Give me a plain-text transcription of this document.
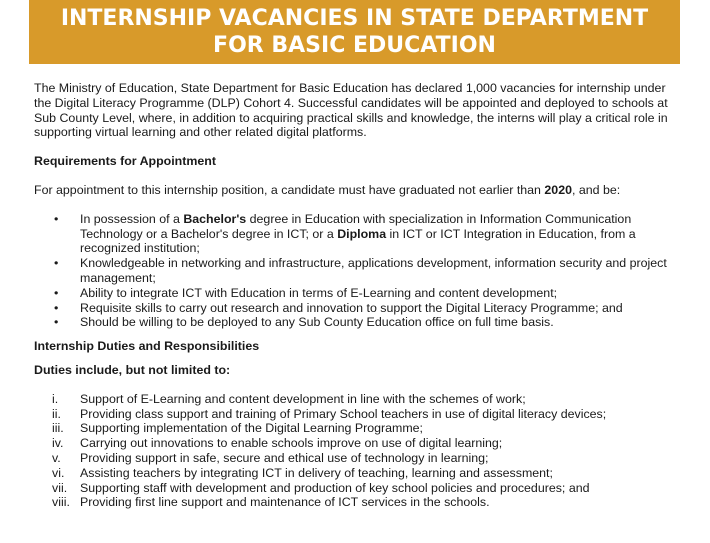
INTERNSHIP VACANCIES IN STATE DEPARTMENT
FOR BASIC EDUCATION

The Ministry of Education, State Department for Basic Education has declared 1,000 vacancies for internship under the Digital Literacy Programme (DLP) Cohort 4. Successful candidates will be appointed and deployed to schools at Sub County Level, where, in addition to acquiring practical skills and knowledge, the interns will play a critical role in supporting virtual learning and other related digital platforms.

Requirements for Appointment

For appointment to this internship position, a candidate must have graduated not earlier than 2020, and be:

• In possession of a Bachelor's degree in Education with specialization in Information Communication Technology or a Bachelor's degree in ICT; or a Diploma in ICT or ICT Integration in Education, from a recognized institution;
• Knowledgeable in networking and infrastructure, applications development, information security and project management;
• Ability to integrate ICT with Education in terms of E-Learning and content development;
• Requisite skills to carry out research and innovation to support the Digital Literacy Programme; and
• Should be willing to be deployed to any Sub County Education office on full time basis.

Internship Duties and Responsibilities

Duties include, but not limited to:

i. Support of E-Learning and content development in line with the schemes of work;
ii. Providing class support and training of Primary School teachers in use of digital literacy devices;
iii. Supporting implementation of the Digital Learning Programme;
iv. Carrying out innovations to enable schools improve on use of digital learning;
v. Providing support in safe, secure and ethical use of technology in learning;
vi. Assisting teachers by integrating ICT in delivery of teaching, learning and assessment;
vii. Supporting staff with development and production of key school policies and procedures; and
viii. Providing first line support and maintenance of ICT services in the schools.
